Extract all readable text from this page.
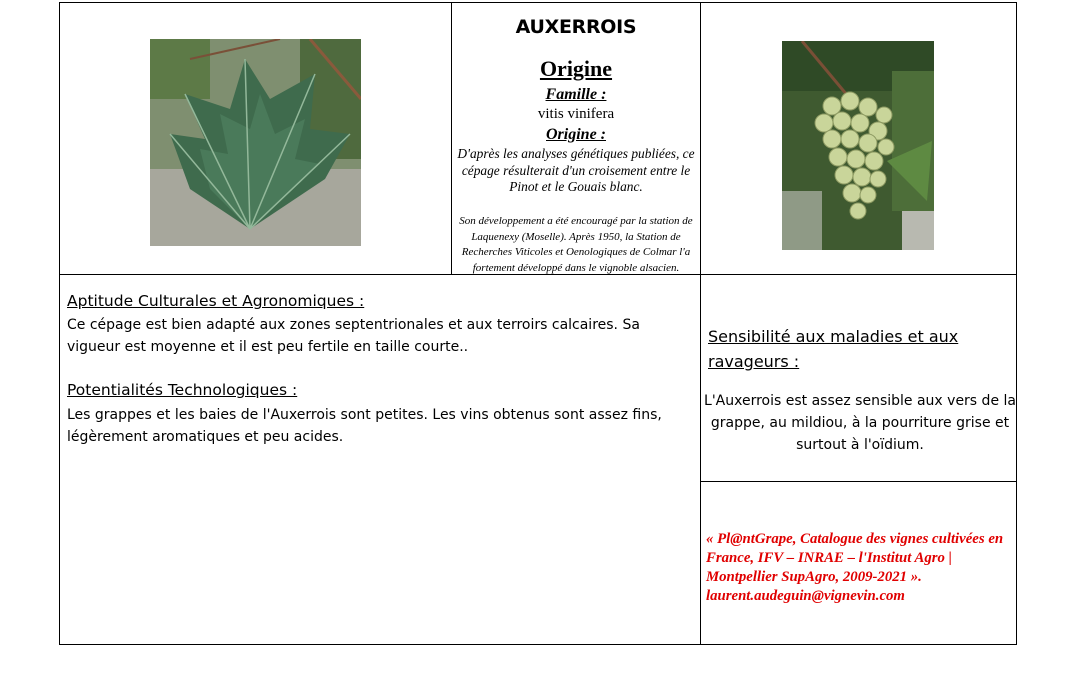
AUXERROIS
Origine
Famille :
vitis vinifera
Origine :
D'après les analyses génétiques publiées, ce cépage résulterait d'un croisement entre le Pinot et le Gouais blanc.
Son développement a été encouragé par la station de Laquenexy (Moselle). Après 1950, la Station de Recherches Viticoles et Oenologiques de Colmar l'a fortement développé dans le vignoble alsacien.
Aptitude Culturales et Agronomiques :
Ce cépage est bien adapté aux zones septentrionales et aux terroirs calcaires. Sa vigueur est moyenne et il est peu fertile en taille courte..
Potentialités Technologiques :
Les grappes et les baies de l'Auxerrois sont petites. Les vins obtenus sont assez fins, légèrement aromatiques et peu acides.
Sensibilité aux maladies et aux ravageurs :
L'Auxerrois est assez sensible aux vers de la grappe, au mildiou, à la pourriture grise et surtout à l'oïdium.
« Pl@ntGrape, Catalogue des vignes cultivées en France, IFV – INRAE – l'Institut Agro | Montpellier SupAgro, 2009-2021 ».
laurent.audeguin@vignevin.com
